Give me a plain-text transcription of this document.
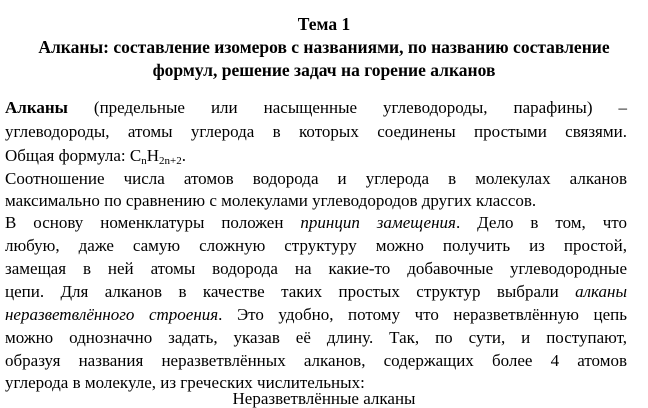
Тема 1
Алканы: составление изомеров с названиями, по названию составление
формул, решение задач на горение алканов
Алканы (предельные или насыщенные углеводороды, парафины) –
углеводороды, атомы углерода в которых соединены простыми связями.
Общая формула: $C_nH_{2n+2}$.
Соотношение числа атомов водорода и углерода в молекулах алканов
максимально по сравнению с молекулами углеводородов других классов.
В основу номенклатуры положен принцип замещения. Дело в том, что
любую, даже самую сложную структуру можно получить из простой,
замещая в ней атомы водорода на какие-то добавочные углеводородные
цепи. Для алканов в качестве таких простых структур выбрали алканы
неразветвлённого строения. Это удобно, потому что неразветвлённую цепь
можно однозначно задать, указав её длину. Так, по сути, и поступают,
образуя названия неразветвлённых алканов, содержащих более 4 атомов
углерода в молекуле, из греческих числительных:
Неразветвлённые алканы
